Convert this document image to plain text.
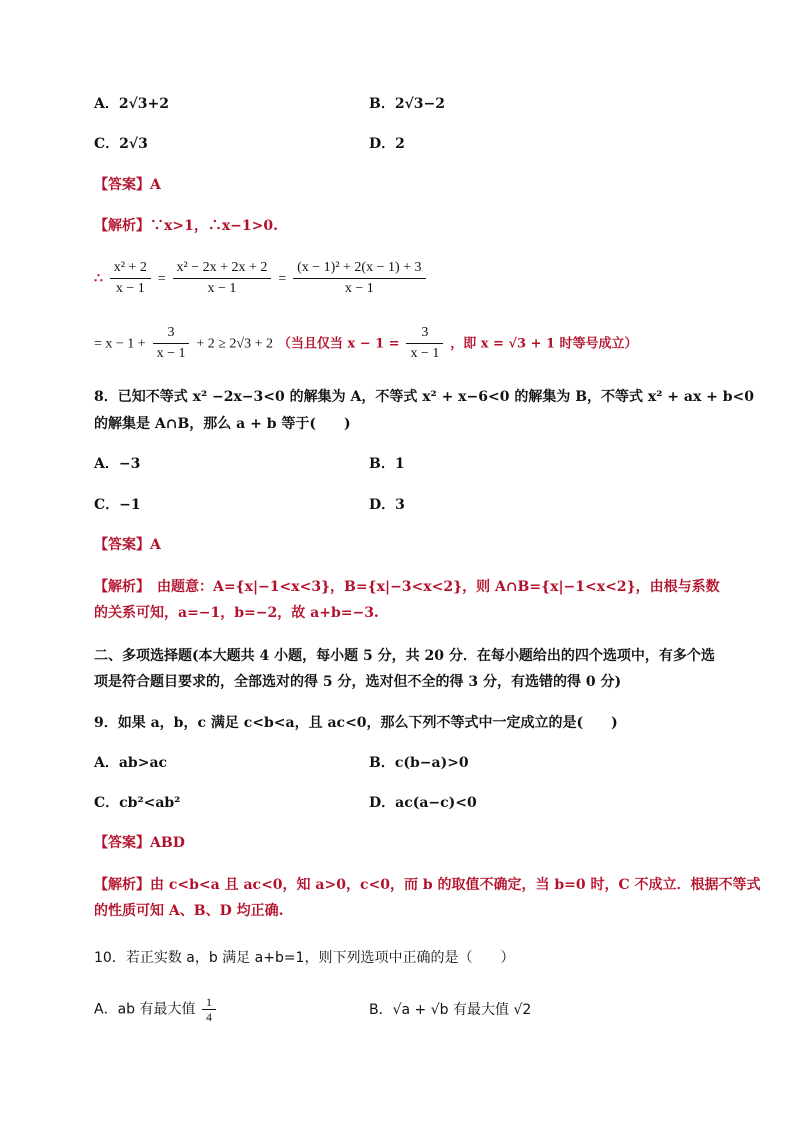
A．2√3+2	B．2√3−2
C．2√3	D．2
【答案】A
【解析】∵x>1，∴x−1>0.
∴ $\frac{\text{x² + 2}}{x - 1} = \frac{\text{x² − 2x + 2x + 2}}{x - 1} = \frac{\text{(x − 1)² + 2(x − 1) + 3}}{x - 1}$
= $x - 1 + \frac{3}{x - 1} + 2 \ge 2√3 + 2$ （当且仅当 $x - 1 = \frac{3}{x - 1}$ ，即 x = √3 + 1 时等号成立）
8．已知不等式 x² −2x−3<0 的解集为 A，不等式 x² + x−6<0 的解集为 B，不等式 x² + ax + b<0
的解集是 A∩B，那么 a + b 等于(　　)
A．−3	B．1
C．−1	D．3
【答案】A
【解析】　由题意：A={x|−1<x<3}，B={x|−3<x<2}，则 A∩B={x|−1<x<2}，由根与系数
的关系可知，a=−1，b=−2，故 a+b=−3.
二、多项选择题(本大题共 4 小题，每小题 5 分，共 20 分．在每小题给出的四个选项中，有多个选
项是符合题目要求的，全部选对的得 5 分，选对但不全的得 3 分，有选错的得 0 分)
9．如果 a，b，c 满足 c<b<a，且 ac<0，那么下列不等式中一定成立的是(　　)
A．ab>ac	B．c(b−a)>0
C．cb²<ab²	D．ac(a−c)<0
【答案】ABD
【解析】由 c<b<a 且 ac<0，知 a>0，c<0，而 b 的取值不确定，当 b=0 时，C 不成立．根据不等式
的性质可知 A、B、D 均正确.
10．若正实数 a，b 满足 a+b=1，则下列选项中正确的是（　　）
A．ab 有最大值 $\frac{1}{4}$	B．√a + √b 有最大值 √2
